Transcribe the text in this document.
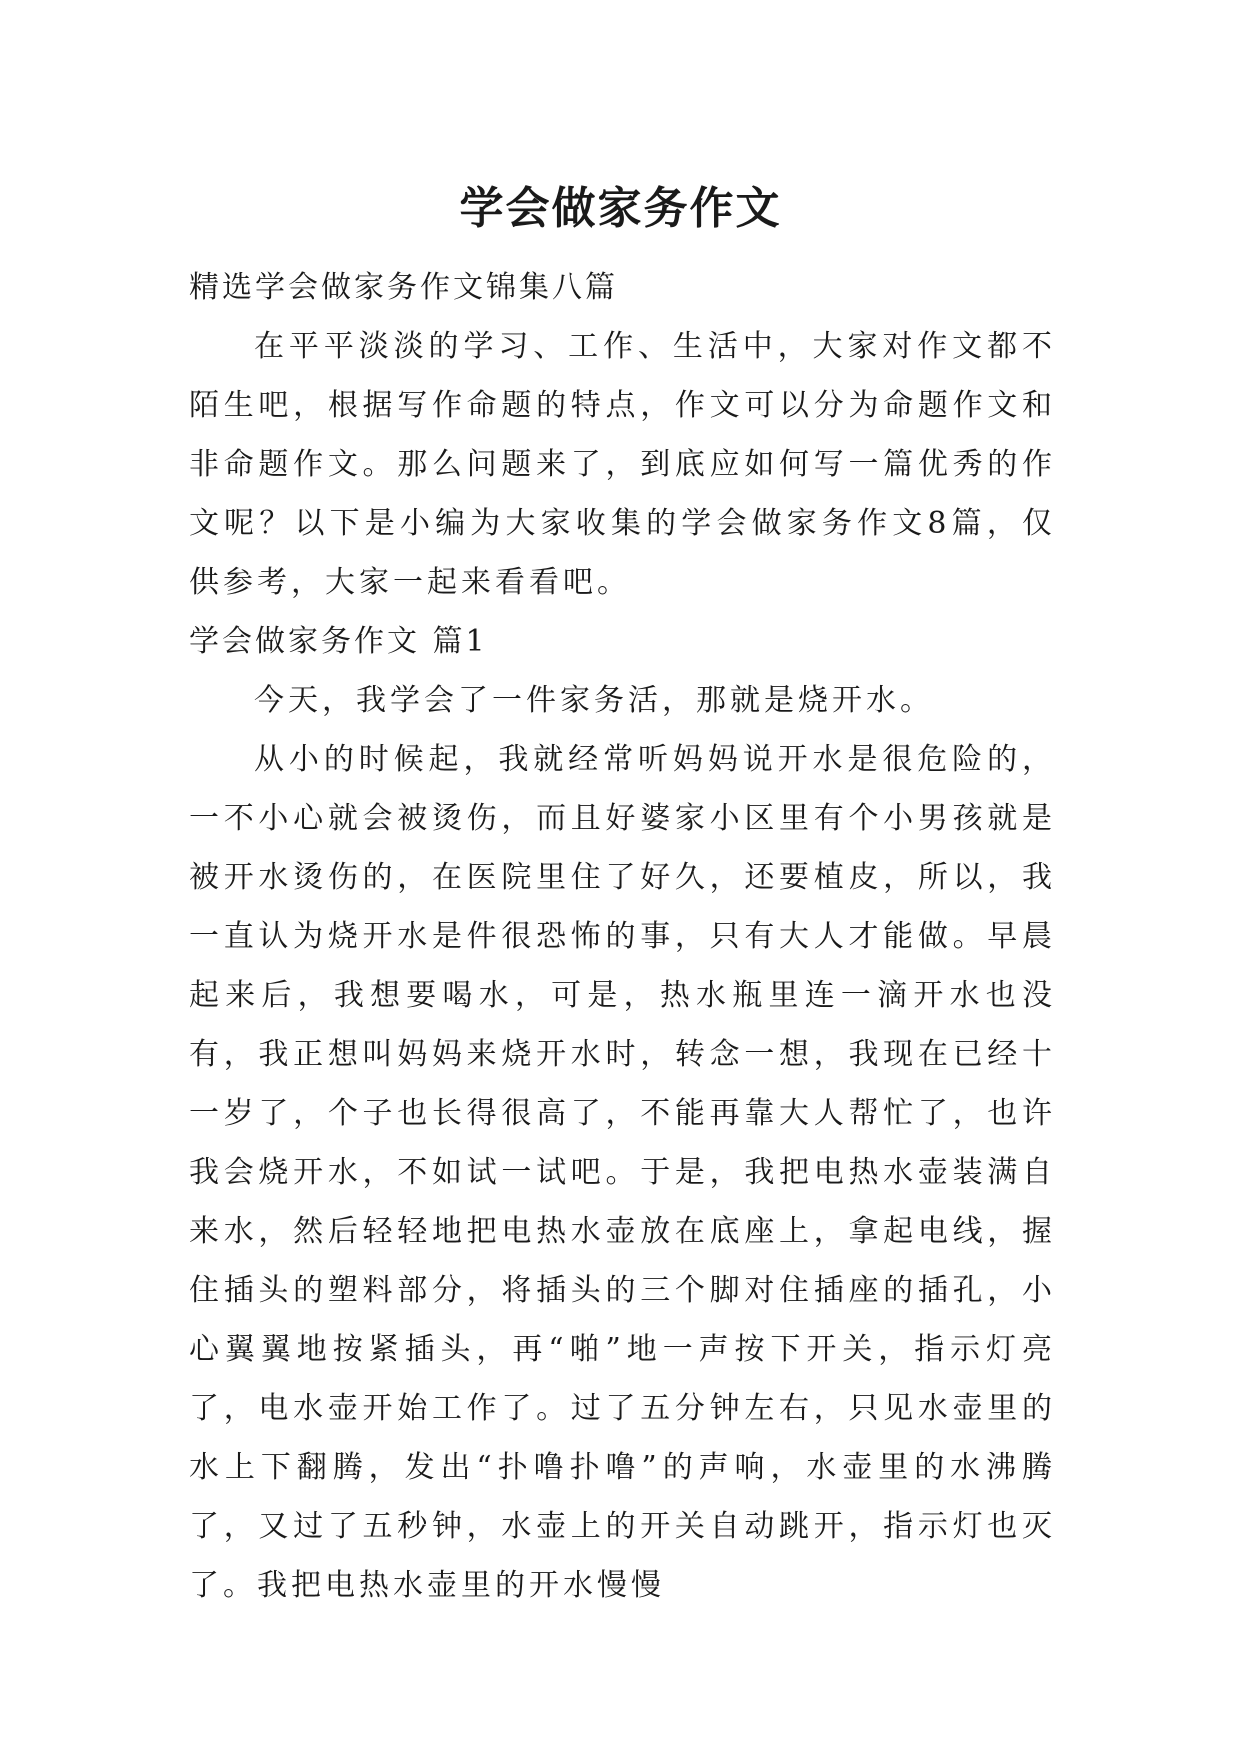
学会做家务作文

精选学会做家务作文锦集八篇

在平平淡淡的学习、工作、生活中，大家对作文都不陌生吧，根据写作命题的特点，作文可以分为命题作文和非命题作文。那么问题来了，到底应如何写一篇优秀的作文呢？以下是小编为大家收集的学会做家务作文8篇，仅供参考，大家一起来看看吧。

学会做家务作文 篇1

今天，我学会了一件家务活，那就是烧开水。

从小的时候起，我就经常听妈妈说开水是很危险的，一不小心就会被烫伤，而且好婆家小区里有个小男孩就是被开水烫伤的，在医院里住了好久，还要植皮，所以，我一直认为烧开水是件很恐怖的事，只有大人才能做。早晨起来后，我想要喝水，可是，热水瓶里连一滴开水也没有，我正想叫妈妈来烧开水时，转念一想，我现在已经十一岁了，个子也长得很高了，不能再靠大人帮忙了，也许我会烧开水，不如试一试吧。于是，我把电热水壶装满自来水，然后轻轻地把电热水壶放在底座上，拿起电线，握住插头的塑料部分，将插头的三个脚对住插座的插孔，小心翼翼地按紧插头，再“啪”地一声按下开关，指示灯亮了，电水壶开始工作了。过了五分钟左右，只见水壶里的水上下翻腾，发出“扑噜扑噜”的声响，水壶里的水沸腾了，又过了五秒钟，水壶上的开关自动跳开，指示灯也灭了。我把电热水壶里的开水慢慢
